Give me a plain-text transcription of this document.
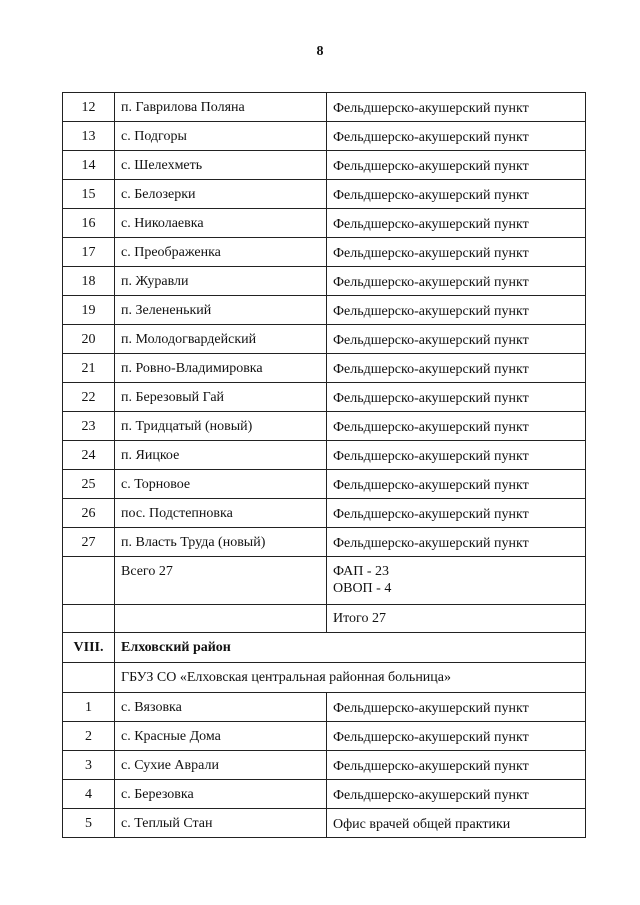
8
12	п. Гаврилова Поляна	Фельдшерско-акушерский пункт
13	с. Подгоры	Фельдшерско-акушерский пункт
14	с. Шелехметь	Фельдшерско-акушерский пункт
15	с. Белозерки	Фельдшерско-акушерский пункт
16	с. Николаевка	Фельдшерско-акушерский пункт
17	с. Преображенка	Фельдшерско-акушерский пункт
18	п. Журавли	Фельдшерско-акушерский пункт
19	п. Зелененький	Фельдшерско-акушерский пункт
20	п. Молодогвардейский	Фельдшерско-акушерский пункт
21	п. Ровно-Владимировка	Фельдшерско-акушерский пункт
22	п. Березовый Гай	Фельдшерско-акушерский пункт
23	п. Тридцатый (новый)	Фельдшерско-акушерский пункт
24	п. Яицкое	Фельдшерско-акушерский пункт
25	с. Торновое	Фельдшерско-акушерский пункт
26	пос. Подстепновка	Фельдшерско-акушерский пункт
27	п. Власть Труда (новый)	Фельдшерско-акушерский пункт
	Всего 27	ФАП - 23
ОВОП - 4

		Итого 27
VIII.	Елховский район	
	ГБУЗ СО «Елховская центральная районная больница»	
1	с. Вязовка	Фельдшерско-акушерский пункт
2	с. Красные Дома	Фельдшерско-акушерский пункт
3	с. Сухие Аврали	Фельдшерско-акушерский пункт
4	с. Березовка	Фельдшерско-акушерский пункт
5	с. Теплый Стан	Офис врачей общей практики
